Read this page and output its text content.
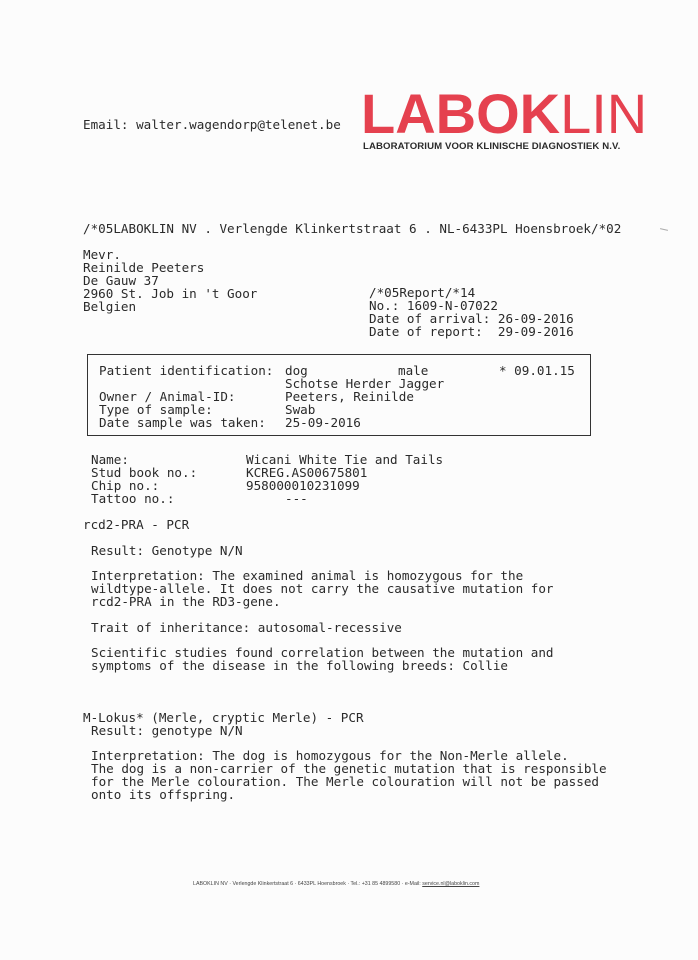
Email: walter.wagendorp@telenet.be LABOKLIN
LABORATORIUM VOOR KLINISCHE DIAGNOSTIEK N.V.
/*05LABOKLIN NV . Verlengde Klinkertstraat 6 . NL-6433PL Hoensbroek/*02
Mevr.
Reinilde Peeters
De Gauw 37
2960 St. Job in 't Goor
Belgien
/*05Report/*14
No.: 1609-N-07022
Date of arrival: 26-09-2016
Date of report:  29-09-2016
Patient identification: dog	male	* 09.01.15
Schotse Herder Jagger
Owner / Animal-ID:	Peeters, Reinilde
Type of sample:	Swab
Date sample was taken: 25-09-2016
Name:	Wicani White Tie and Tails
Stud book no.:	KCREG.AS00675801
Chip no.:	958000010231099
Tattoo no.:	---
rcd2-PRA - PCR
Result: Genotype N/N
Interpretation: The examined animal is homozygous for the
wildtype-allele. It does not carry the causative mutation for
rcd2-PRA in the RD3-gene.
Trait of inheritance: autosomal-recessive
Scientific studies found correlation between the mutation and
symptoms of the disease in the following breeds: Collie
M-Lokus* (Merle, cryptic Merle) - PCR
Result: genotype N/N
Interpretation: The dog is homozygous for the Non-Merle allele.
The dog is a non-carrier of the genetic mutation that is responsible
for the Merle colouration. The Merle colouration will not be passed
onto its offspring.
LABOKLIN NV · Verlengde Klinkertstraat 6 · 6433PL Hoensbroek · Tel.: +31 85 4899580 · e-Mail: service.nl@laboklin.com
